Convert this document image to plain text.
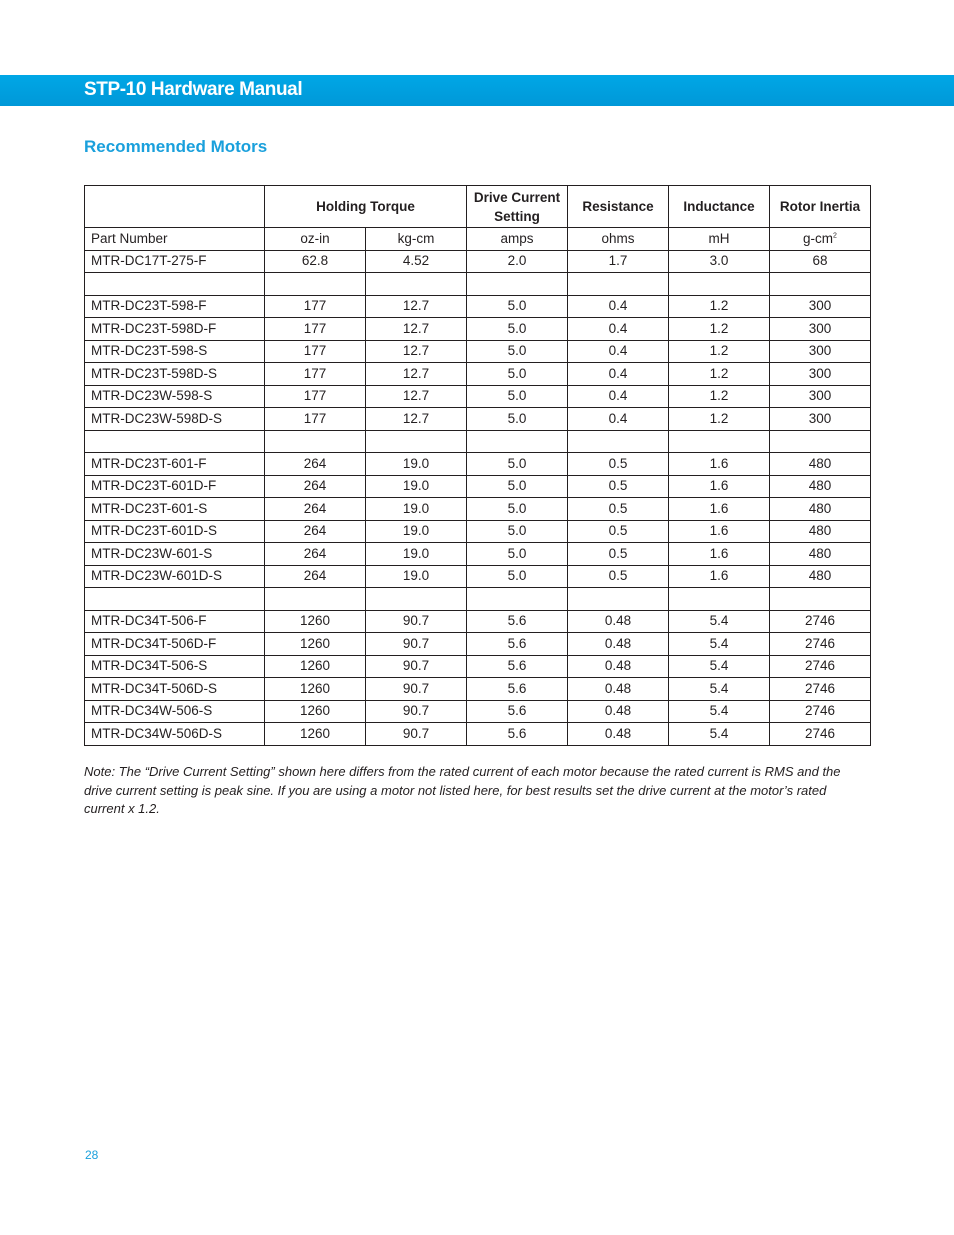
STP-10 Hardware Manual
Recommended Motors
	Holding Torque		Drive Current Setting	Resistance	Inductance	Rotor Inertia
Part Number	oz-in	kg-cm	amps	ohms	mH	$g-cm^2$
MTR-DC17T-275-F	62.8	4.52	2.0	1.7	3.0	68

MTR-DC23T-598-F	177	12.7	5.0	0.4	1.2	300
MTR-DC23T-598D-F	177	12.7	5.0	0.4	1.2	300
MTR-DC23T-598-S	177	12.7	5.0	0.4	1.2	300
MTR-DC23T-598D-S	177	12.7	5.0	0.4	1.2	300
MTR-DC23W-598-S	177	12.7	5.0	0.4	1.2	300
MTR-DC23W-598D-S	177	12.7	5.0	0.4	1.2	300

MTR-DC23T-601-F	264	19.0	5.0	0.5	1.6	480
MTR-DC23T-601D-F	264	19.0	5.0	0.5	1.6	480
MTR-DC23T-601-S	264	19.0	5.0	0.5	1.6	480
MTR-DC23T-601D-S	264	19.0	5.0	0.5	1.6	480
MTR-DC23W-601-S	264	19.0	5.0	0.5	1.6	480
MTR-DC23W-601D-S	264	19.0	5.0	0.5	1.6	480

MTR-DC34T-506-F	1260	90.7	5.6	0.48	5.4	2746
MTR-DC34T-506D-F	1260	90.7	5.6	0.48	5.4	2746
MTR-DC34T-506-S	1260	90.7	5.6	0.48	5.4	2746
MTR-DC34T-506D-S	1260	90.7	5.6	0.48	5.4	2746
MTR-DC34W-506-S	1260	90.7	5.6	0.48	5.4	2746
MTR-DC34W-506D-S	1260	90.7	5.6	0.48	5.4	2746
Note: The “Drive Current Setting” shown here differs from the rated current of each motor because the rated current is RMS and the drive current setting is peak sine. If you are using a motor not listed here, for best results set the drive current at the motor’s rated current x 1.2.
28
